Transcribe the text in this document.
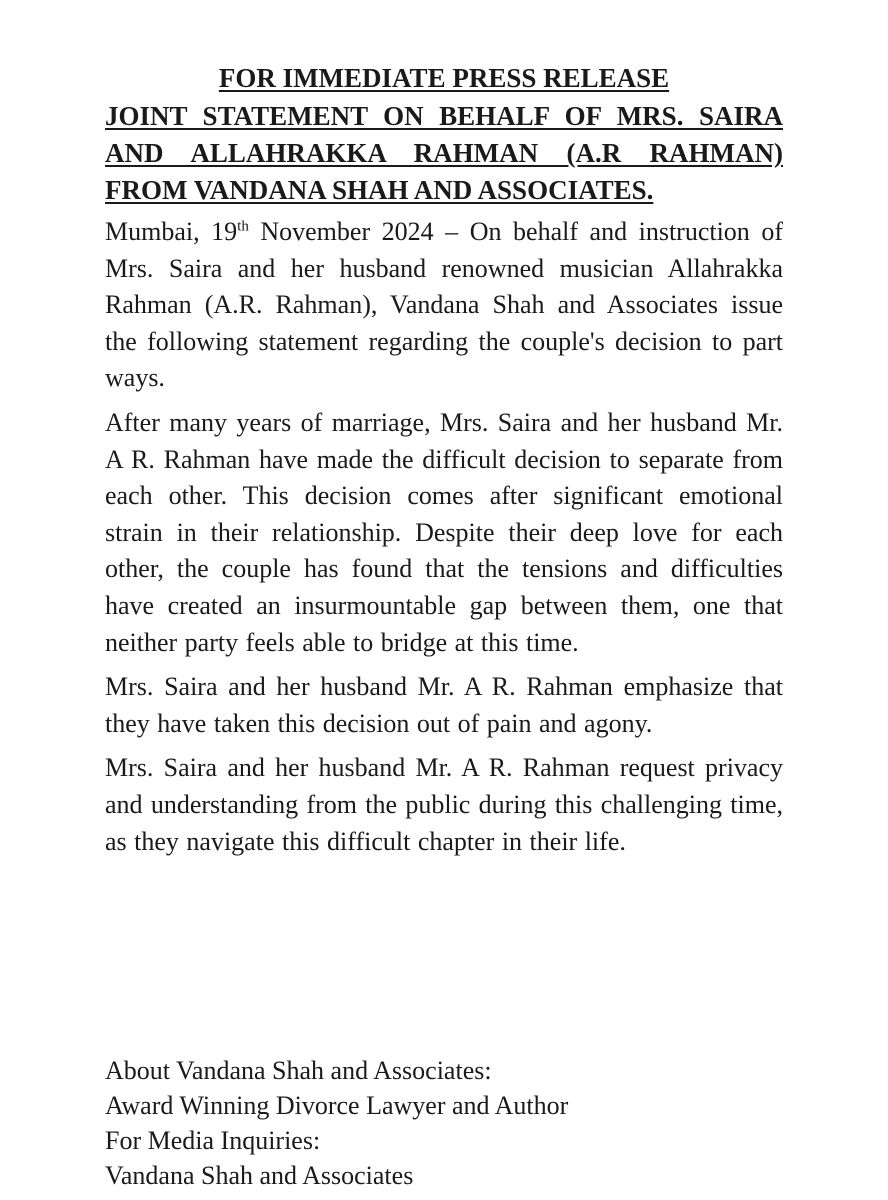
FOR IMMEDIATE PRESS RELEASE
JOINT STATEMENT ON BEHALF OF MRS. SAIRA AND ALLAHRAKKA RAHMAN (A.R RAHMAN) FROM VANDANA SHAH AND ASSOCIATES.

Mumbai, 19th November 2024 – On behalf and instruction of Mrs. Saira and her husband renowned musician Allahrakka Rahman (A.R. Rahman), Vandana Shah and Associates issue the following statement regarding the couple's decision to part ways.

After many years of marriage, Mrs. Saira and her husband Mr. A R. Rahman have made the difficult decision to separate from each other. This decision comes after significant emotional strain in their relationship. Despite their deep love for each other, the couple has found that the tensions and difficulties have created an insurmountable gap between them, one that neither party feels able to bridge at this time.

Mrs. Saira and her husband Mr. A R. Rahman emphasize that they have taken this decision out of pain and agony.

Mrs. Saira and her husband Mr. A R. Rahman request privacy and understanding from the public during this challenging time, as they navigate this difficult chapter in their life.

About Vandana Shah and Associates:

Award Winning Divorce Lawyer and Author

For Media Inquiries:

Vandana Shah and Associates
